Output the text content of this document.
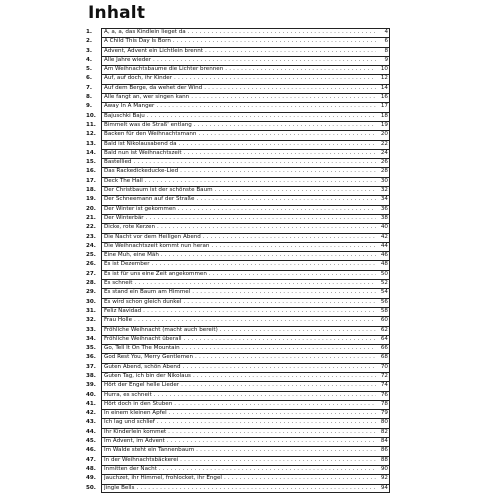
Inhalt
1.	A, a, a, das Kindlein lieget da . . .	4
2.	A Child This Day Is Born . . .	6
3.	Advent, Advent ein Lichtlein brennt . . .	8
4.	Alle Jahre wieder . . .	9
5.	Am Weihnachtsbaume die Lichter brennen . . .	10
6.	Auf, auf doch, ihr Kinder . . .	12
7.	Auf dem Berge, da wehet der Wind . . .	14
8.	Alle fangt an, wer singen kann . . .	16
9.	Away In A Manger . . .	17
10.	Bajuschki Baju . . .	18
11.	Bimmelt was die Straß' entlang . . .	19
12.	Backen für den Weihnachtsmann . . .	20
13.	Bald ist Nikolausabend da . . .	22
14.	Bald nun ist Weihnachtszeit . . .	24
15.	Bastellied . . .	26
16.	Das Rackedickeducke-Lied . . .	28
17.	Deck The Hall . . .	30
18.	Der Christbaum ist der schönste Baum . . .	32
19.	Der Schneemann auf der Straße . . .	34
20.	Der Winter ist gekommen . . .	36
21.	Der Winterbär . . .	38
22.	Dicke, rote Kerzen . . .	40
23.	Die Nacht vor dem Heiligen Abend . . .	42
24.	Die Weihnachtszeit kommt nun heran . . .	44
25.	Eine Muh, eine Mäh . . .	46
26.	Es ist Dezember . . .	48
27.	Es ist für uns eine Zeit angekommen . . .	50
28.	Es schneit . . .	52
29.	Es stand ein Baum am Himmel . . .	54
30.	Es wird schon gleich dunkel . . .	56
31.	Feliz Navidad . . .	58
32.	Frau Holle . . .	60
33.	Fröhliche Weihnacht (macht auch bereit) . . .	62
34.	Fröhliche Weihnacht überall . . .	64
35.	Go, Tell It On The Mountain . . .	66
36.	God Rest You, Merry Gentlemen . . .	68
37.	Guten Abend, schön Abend . . .	70
38.	Guten Tag, ich bin der Nikolaus . . .	72
39.	Hört der Engel helle Lieder . . .	74
40.	Hurra, es schneit . . .	76
41.	Hört doch in den Stuben . . .	78
42.	In einem kleinen Apfel . . .	79
43.	Ich lag und schlief . . .	80
44.	Ihr Kinderlein kommet . . .	82
45.	Im Advent, im Advent . . .	84
46.	Im Walde steht ein Tannenbaum . . .	86
47.	In der Weihnachtsbäckerei . . .	88
48.	Inmitten der Nacht . . .	90
49.	Jauchzet, ihr Himmel, frohlocket, ihr Engel . . .	92
50.	Jingle Bells . . .	94
